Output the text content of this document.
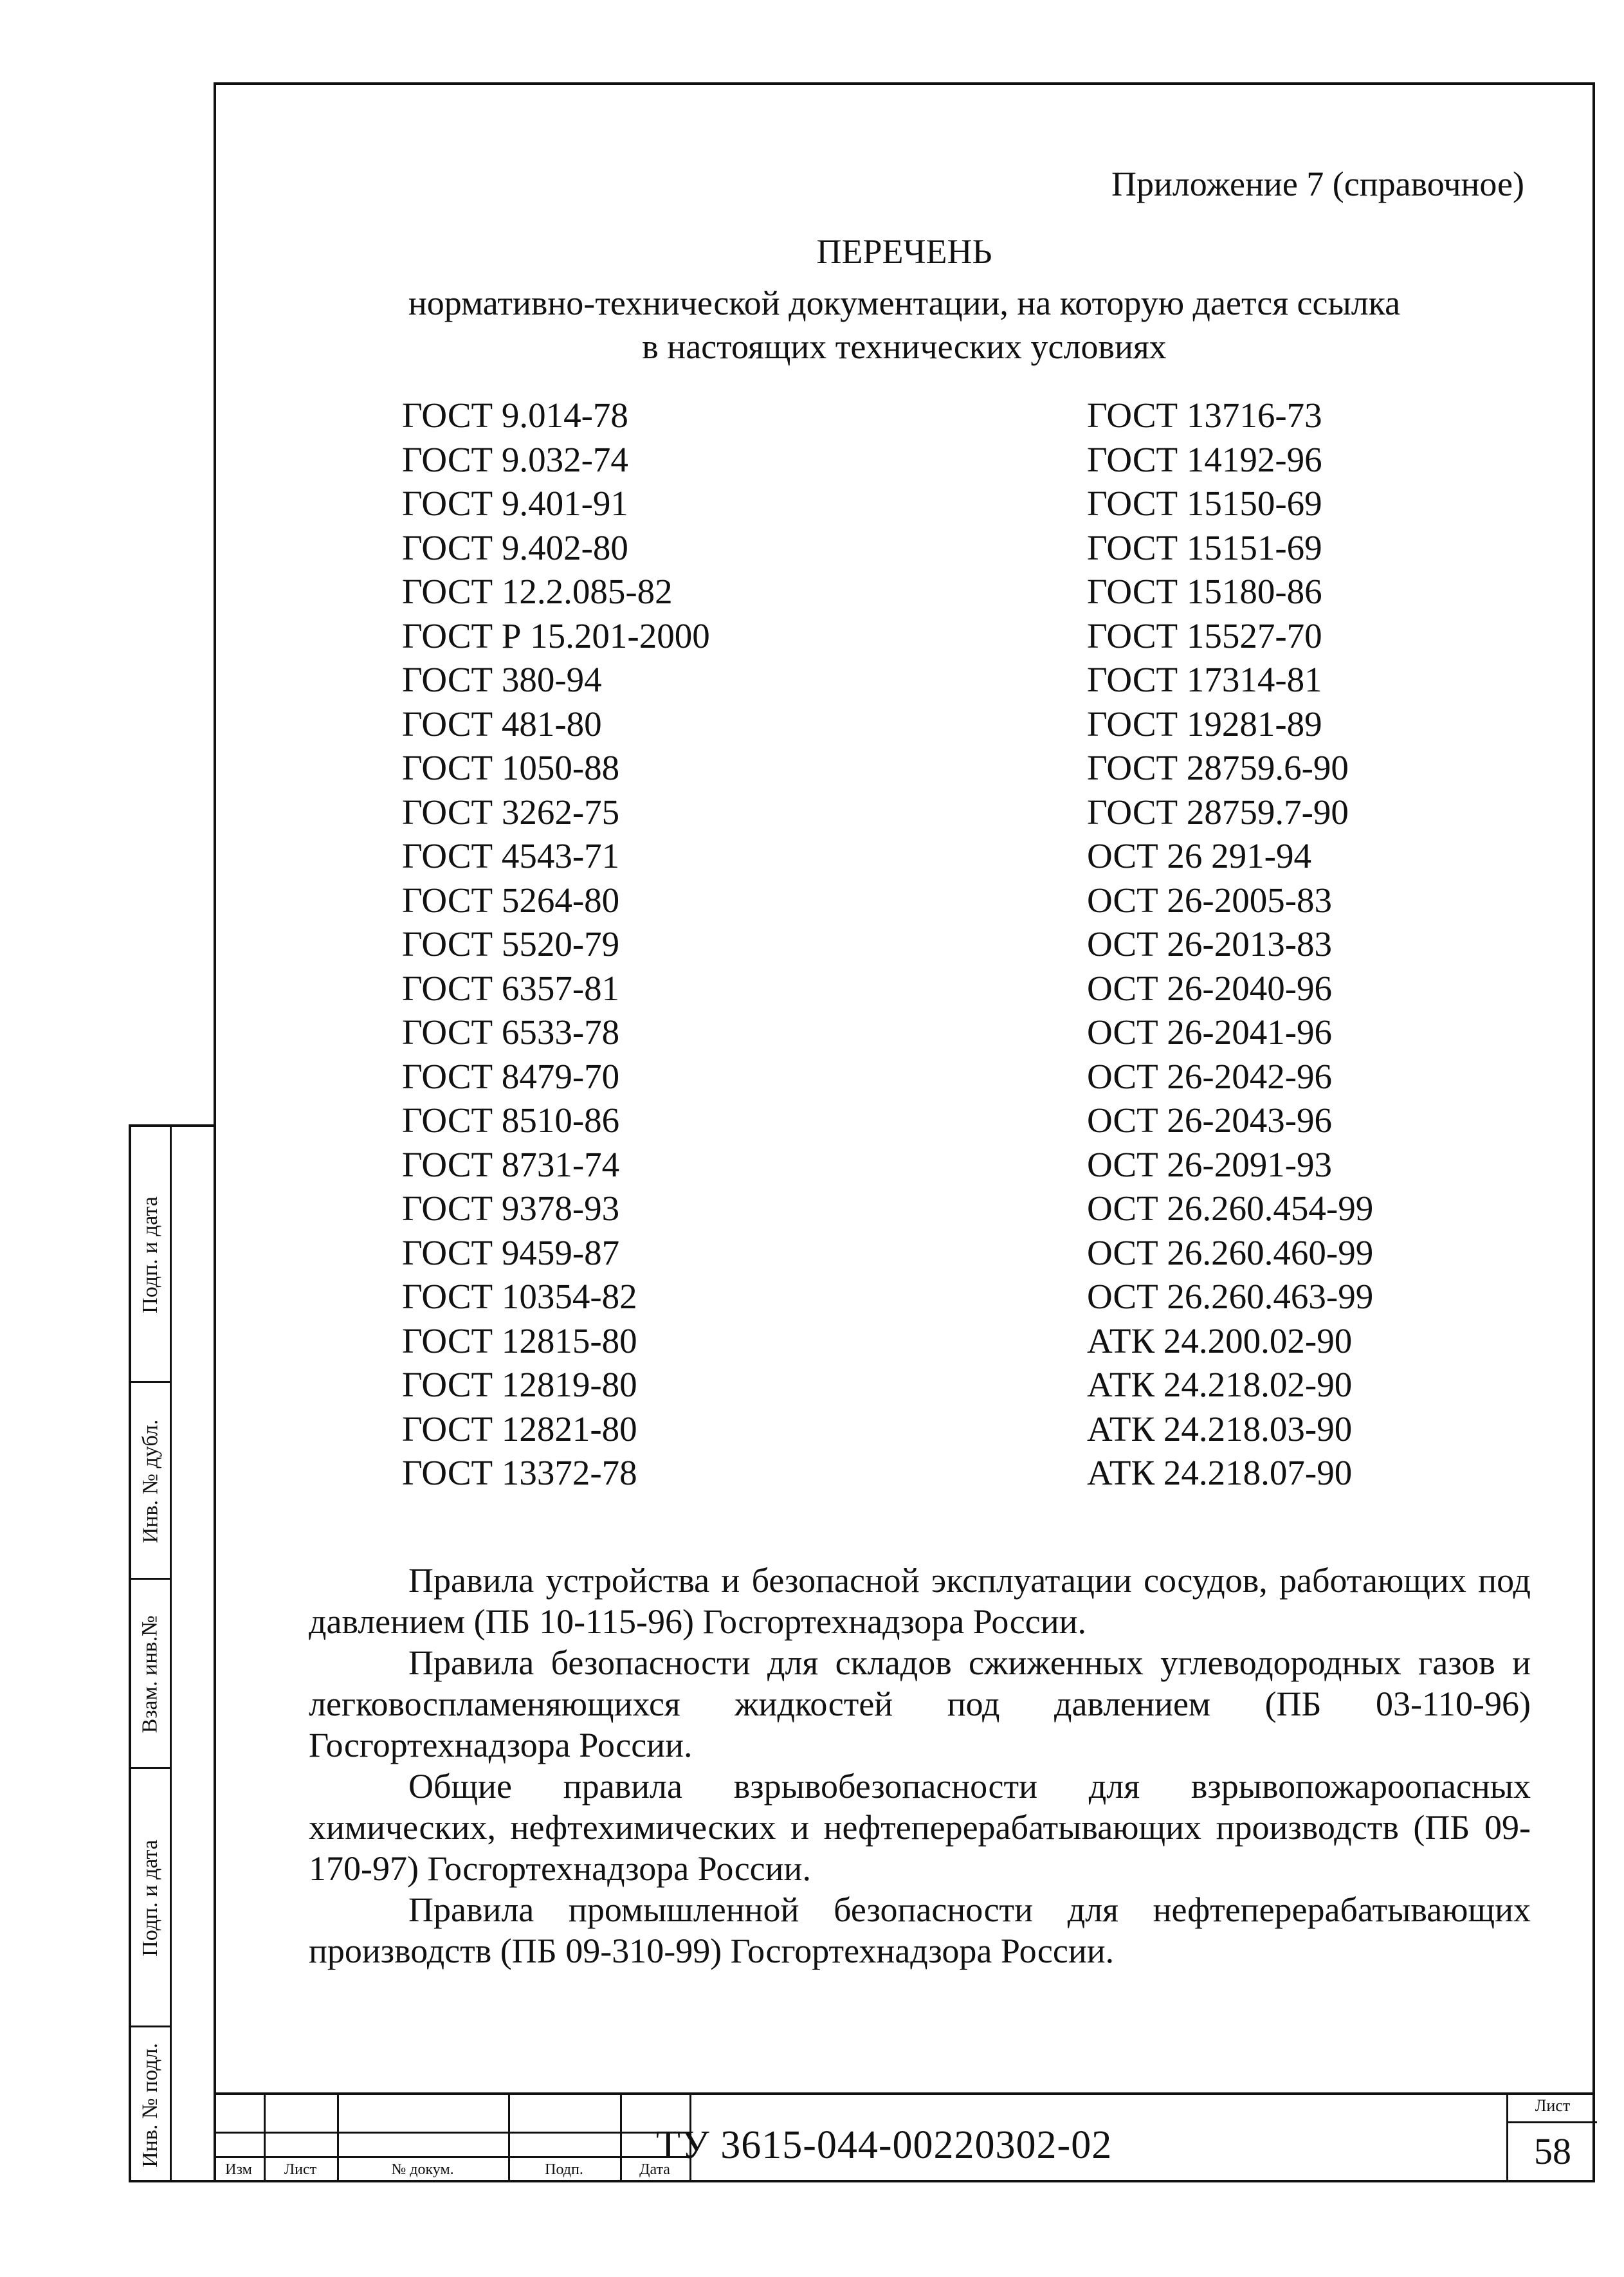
Подп. и дата
Инв. № дубл.
Взам. инв.№
Подп. и дата
Инв. № подл.
Приложение 7 (справочное)
ПЕРЕЧЕНЬ
нормативно-технической документации, на которую дается ссылка
в настоящих технических условиях
ГОСТ 9.014-78
ГОСТ 9.032-74
ГОСТ 9.401-91
ГОСТ 9.402-80
ГОСТ 12.2.085-82
ГОСТ Р 15.201-2000
ГОСТ 380-94
ГОСТ 481-80
ГОСТ 1050-88
ГОСТ 3262-75
ГОСТ 4543-71
ГОСТ 5264-80
ГОСТ 5520-79
ГОСТ 6357-81
ГОСТ 6533-78
ГОСТ 8479-70
ГОСТ 8510-86
ГОСТ 8731-74
ГОСТ 9378-93
ГОСТ 9459-87
ГОСТ 10354-82
ГОСТ 12815-80
ГОСТ 12819-80
ГОСТ 12821-80
ГОСТ 13372-78
ГОСТ 13716-73
ГОСТ 14192-96
ГОСТ 15150-69
ГОСТ 15151-69
ГОСТ 15180-86
ГОСТ 15527-70
ГОСТ 17314-81
ГОСТ 19281-89
ГОСТ 28759.6-90
ГОСТ 28759.7-90
ОСТ 26 291-94
ОСТ 26-2005-83
ОСТ 26-2013-83
ОСТ 26-2040-96
ОСТ 26-2041-96
ОСТ 26-2042-96
ОСТ 26-2043-96
ОСТ 26-2091-93
ОСТ 26.260.454-99
ОСТ 26.260.460-99
ОСТ 26.260.463-99
АТК 24.200.02-90
АТК 24.218.02-90
АТК 24.218.03-90
АТК 24.218.07-90

Правила устройства и безопасной эксплуатации сосудов, работающих под давлением (ПБ 10-115-96) Госгортехнадзора России.

Правила безопасности для складов сжиженных углеводородных газов и легковоспламеняющихся жидкостей под давлением (ПБ 03-110-96) Госгортехнадзора России.

Общие правила взрывобезопасности для взрывопожароопасных химических, нефтехимических и нефтеперерабатывающих производств (ПБ 09-170-97) Госгортехнадзора России.

Правила промышленной безопасности для нефтеперерабатывающих производств (ПБ 09-310-99) Госгортехнадзора России.

Изм	Лист	№ докум.	Подп.	Дата
ТУ 3615-044-00220302-02
Лист
58
